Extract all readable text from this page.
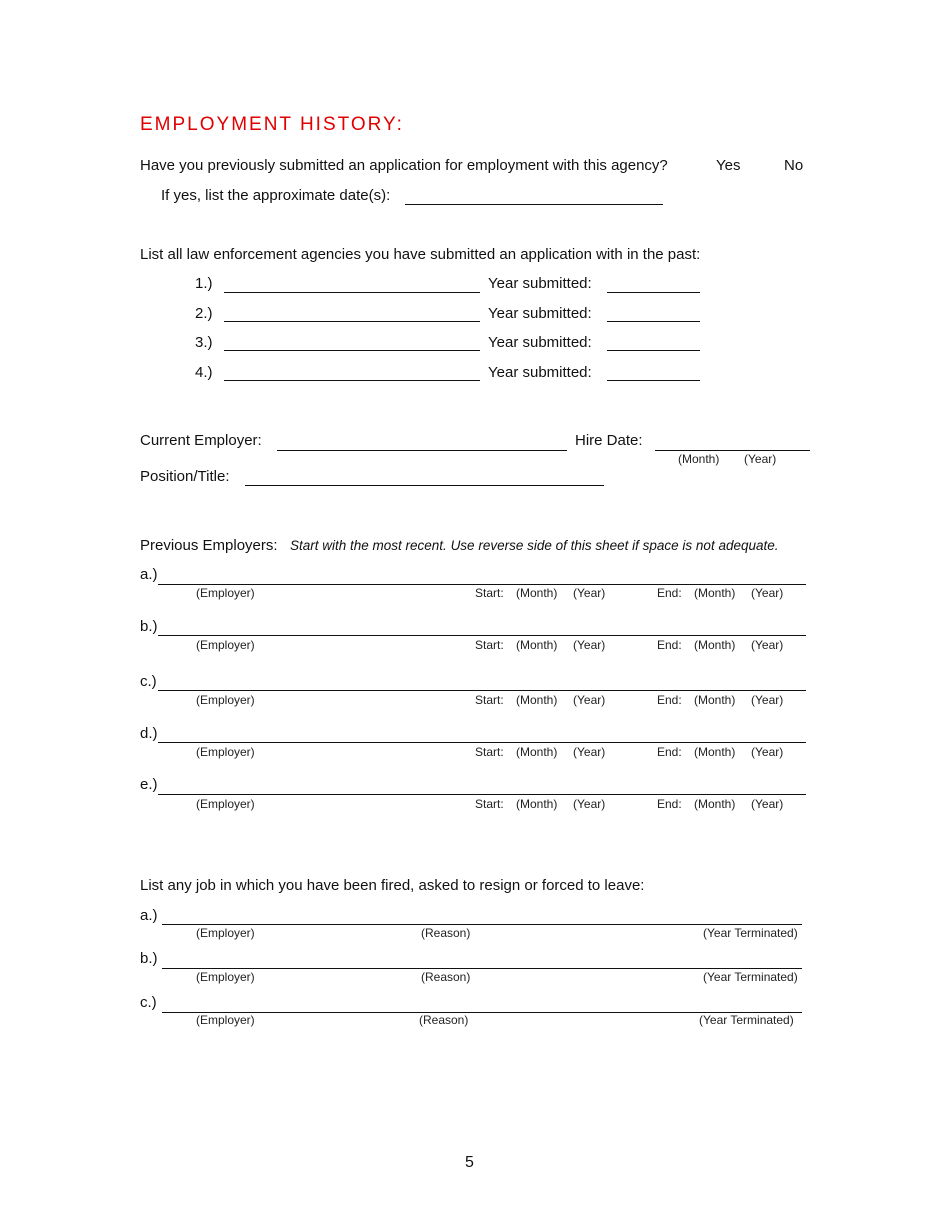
EMPLOYMENT HISTORY:
Have you previously submitted an application for employment with this agency?	Yes	No
If yes, list the approximate date(s):
List all law enforcement agencies you have submitted an application with in the past:
1.)	Year submitted:
2.)	Year submitted:
3.)	Year submitted:
4.)	Year submitted:
Current Employer:	Hire Date:
(Month) (Year)
Position/Title:
Previous Employers: Start with the most recent. Use reverse side of this sheet if space is not adequate.
a.)
(Employer)	Start: (Month) (Year)	End: (Month) (Year)
b.)
(Employer)	Start: (Month) (Year)	End: (Month) (Year)
c.)
(Employer)	Start: (Month) (Year)	End: (Month) (Year)
d.)
(Employer)	Start: (Month) (Year)	End: (Month) (Year)
e.)
(Employer)	Start: (Month) (Year)	End: (Month) (Year)
List any job in which you have been fired, asked to resign or forced to leave:
a.)
(Employer)	(Reason)	(Year Terminated)
b.)
(Employer)	(Reason)	(Year Terminated)
c.)
(Employer)	(Reason)	(Year Terminated)
5
